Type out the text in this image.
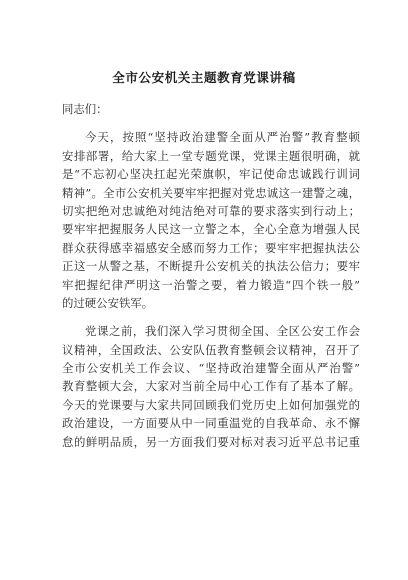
全市公安机关主题教育党课讲稿
同志们：
今天，按照“坚持政治建警全面从严治警”教育整顿
安排部署，给大家上一堂专题党课，党课主题很明确，就
是“不忘初心坚决扛起光荣旗帜，牢记使命忠诚践行训词
精神”。全市公安机关要牢牢把握对党忠诚这一建警之魂，
切实把绝对忠诚绝对纯洁绝对可靠的要求落实到行动上；
要牢牢把握服务人民这一立警之本，全心全意为增强人民
群众获得感幸福感安全感而努力工作；要牢牢把握执法公
正这一从警之基，不断提升公安机关的执法公信力；要牢
牢把握纪律严明这一治警之要，着力锻造“四个铁一般”
的过硬公安铁军。
党课之前，我们深入学习贯彻全国、全区公安工作会
议精神，全国政法、公安队伍教育整顿会议精神，召开了
全市公安机关工作会议、“坚持政治建警全面从严治警”
教育整顿大会，大家对当前全局中心工作有了基本了解。
今天的党课要与大家共同回顾我们党历史上如何加强党的
政治建设，一方面要从中一同重温党的自我革命、永不懈
怠的鲜明品质，另一方面我们要对标对表习近平总书记重
